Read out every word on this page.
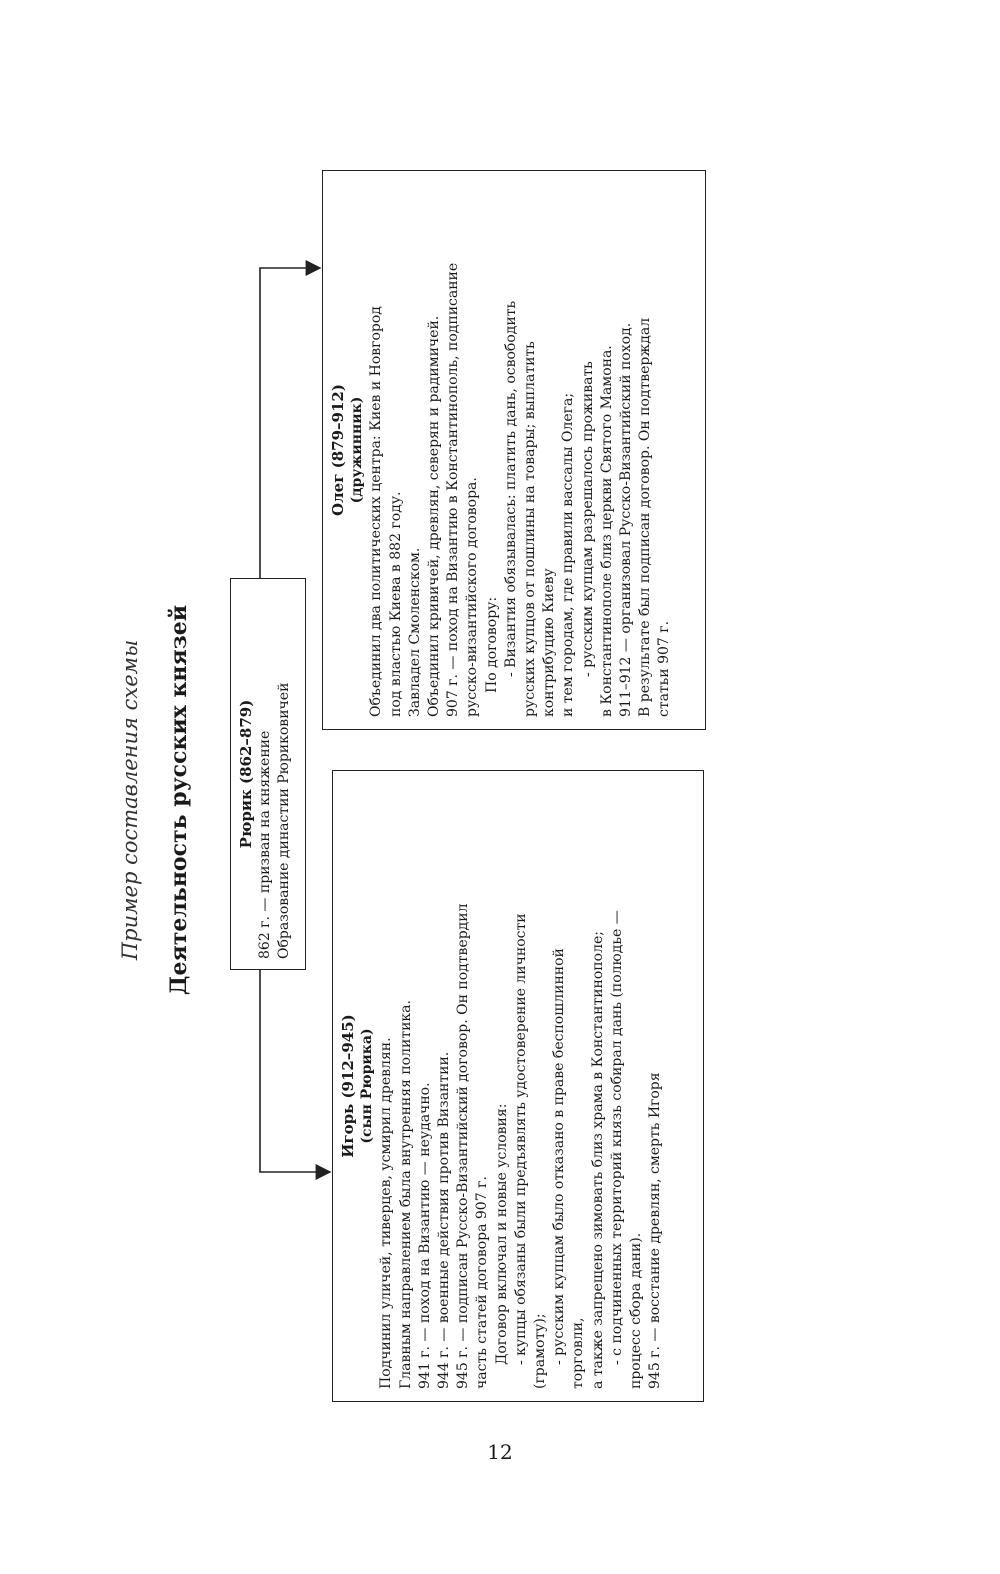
12
Пример составления схемы Деятельность русских князей	Рюрик (862–879) 862 г. — призван на княжение Образование династии Рюриковичей
Игорь (912–945) (сын Рюрика) Подчинил уличей, тиверцев, усмирил древлян. Главным направлением была внутренняя политика. 941 г. — поход на Византию — неудачно. 944 г. — военные действия против Византии. 945 г. — подписан Русско-Византийский договор. Он подтвердил часть статей договора 907 г. Договор включал и новые условия: - купцы обязаны были предъявлять удостоверение личности (грамоту); - русским купцам было отказано в праве беспошлинной торговли, а также запрещено зимовать близ храма в Константинополе; - с подчиненных территорий князь собирал дань (полюдье — процесс сбора дани). 945 г. — восстание древлян, смерть Игоря
Олег (879–912) (дружинник) Объединил два политических центра: Киев и Новгород под властью Киева в 882 году. Завладел Смоленском. Объединил кривичей, древлян, северян и радимичей. 907 г. — поход на Византию в Константинополь, подписание русско-византийского договора. По договору: - Византия обязывалась: платить дань, освободить русских купцов от пошлины на товары; выплатить контрибуцию Киеву и тем городам, где правили вассалы Олега; - русским купцам разрешалось проживать в Константинополе близ церкви Святого Мамона. 911–912 — организовал Русско-Византийский поход. В результате был подписан договор. Он подтверждал статьи 907 г.
